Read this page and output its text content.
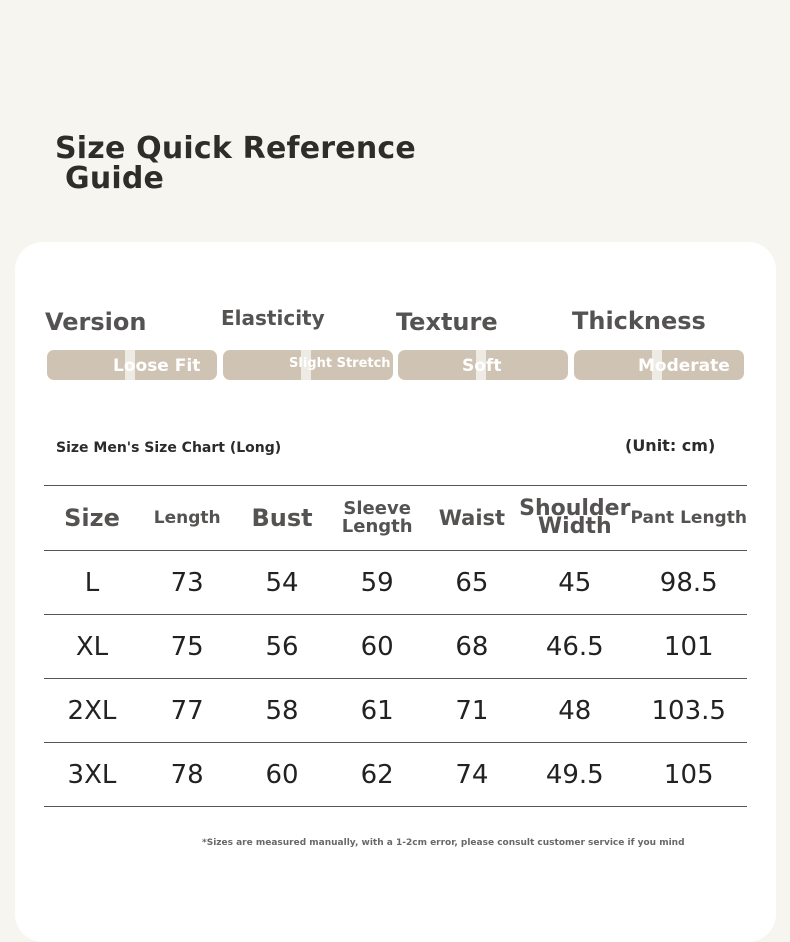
Size Quick Reference
Guide
Version
Loose Fit
Elasticity
Slight Stretch
Texture
Soft
Thickness
Moderate
Size Men's Size Chart (Long)	(Unit: cm)
Size	Length	Bust	Sleeve Length	Waist	Shoulder Width	Pant Length
L	73	54	59	65	45	98.5
XL	75	56	60	68	46.5	101
2XL	77	58	61	71	48	103.5
3XL	78	60	62	74	49.5	105
*Sizes are measured manually, with a 1-2cm error, please consult customer service if you mind
